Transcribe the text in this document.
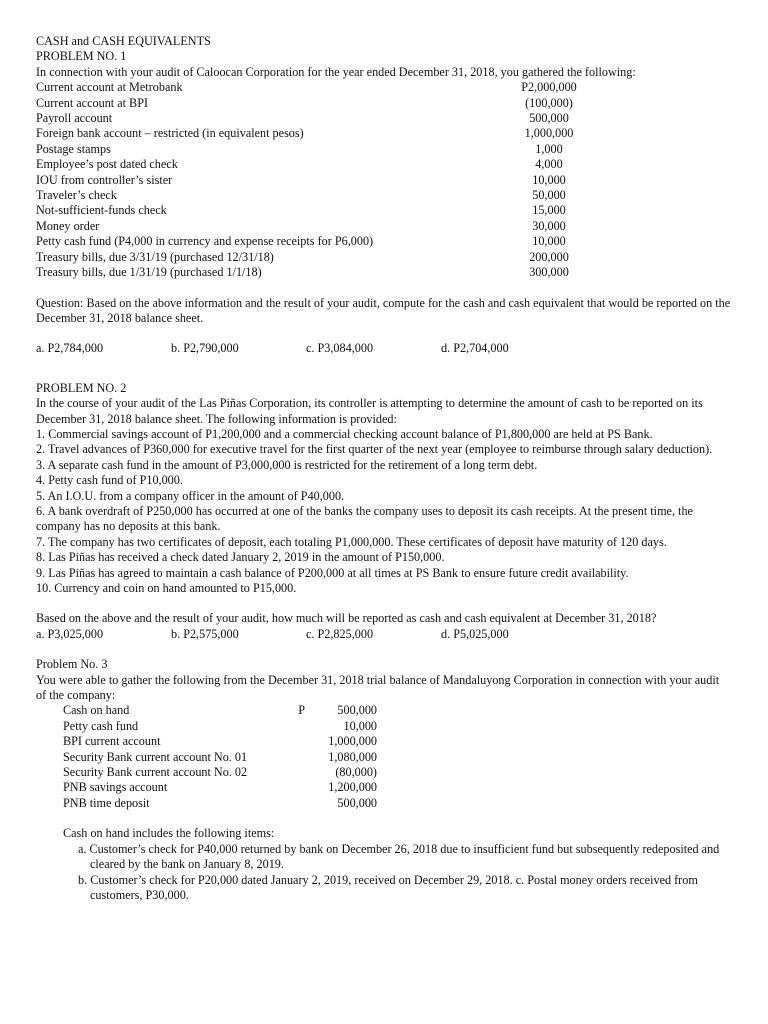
CASH and CASH EQUIVALENTS

PROBLEM NO. 1

In connection with your audit of Caloocan Corporation for the year ended December 31, 2018, you gathered the following:

Current account at Metrobank	P2,000,000
Current account at BPI	(100,000)
Payroll account	500,000
Foreign bank account – restricted (in equivalent pesos)	1,000,000
Postage stamps	1,000
Employee’s post dated check	4,000
IOU from controller’s sister	10,000
Traveler’s check	50,000
Not-sufficient-funds check	15,000
Money order	30,000
Petty cash fund (P4,000 in currency and expense receipts for P6,000)	10,000
Treasury bills, due 3/31/19 (purchased 12/31/18)	200,000
Treasury bills, due 1/31/19 (purchased 1/1/18)	300,000

Question: Based on the above information and the result of your audit, compute for the cash and cash equivalent that would be reported on the December 31, 2018 balance sheet.

a. P2,784,000	b. P2,790,000	c. P3,084,000	d. P2,704,000

PROBLEM NO. 2

In the course of your audit of the Las Piñas Corporation, its controller is attempting to determine the amount of cash to be reported on its December 31, 2018 balance sheet. The following information is provided:

1. Commercial savings account of P1,200,000 and a commercial checking account balance of P1,800,000 are held at PS Bank.

2. Travel advances of P360,000 for executive travel for the first quarter of the next year (employee to reimburse through salary deduction).

3. A separate cash fund in the amount of P3,000,000 is restricted for the retirement of a long term debt.

4. Petty cash fund of P10,000.

5. An I.O.U. from a company officer in the amount of P40,000.

6. A bank overdraft of P250,000 has occurred at one of the banks the company uses to deposit its cash receipts. At the present time, the company has no deposits at this bank.

7. The company has two certificates of deposit, each totaling P1,000,000. These certificates of deposit have maturity of 120 days.

8. Las Piñas has received a check dated January 2, 2019 in the amount of P150,000.

9. Las Piñas has agreed to maintain a cash balance of P200,000 at all times at PS Bank to ensure future credit availability.

10. Currency and coin on hand amounted to P15,000.

Based on the above and the result of your audit, how much will be reported as cash and cash equivalent at December 31, 2018?

a. P3,025,000	b. P2,575,000	c. P2,825,000	d. P5,025,000

Problem No. 3

You were able to gather the following from the December 31, 2018 trial balance of Mandaluyong Corporation in connection with your audit of the company:

Cash on hand	P	500,000
Petty cash fund	10,000
BPI current account	1,000,000
Security Bank current account No. 01	1,080,000
Security Bank current account No. 02	(80,000)
PNB savings account	1,200,000
PNB time deposit	500,000

Cash on hand includes the following items:

a. Customer’s check for P40,000 returned by bank on December 26, 2018 due to insufficient fund but subsequently redeposited and cleared by the bank on January 8, 2019.

b. Customer’s check for P20,000 dated January 2, 2019, received on December 29, 2018. c. Postal money orders received from customers, P30,000.
